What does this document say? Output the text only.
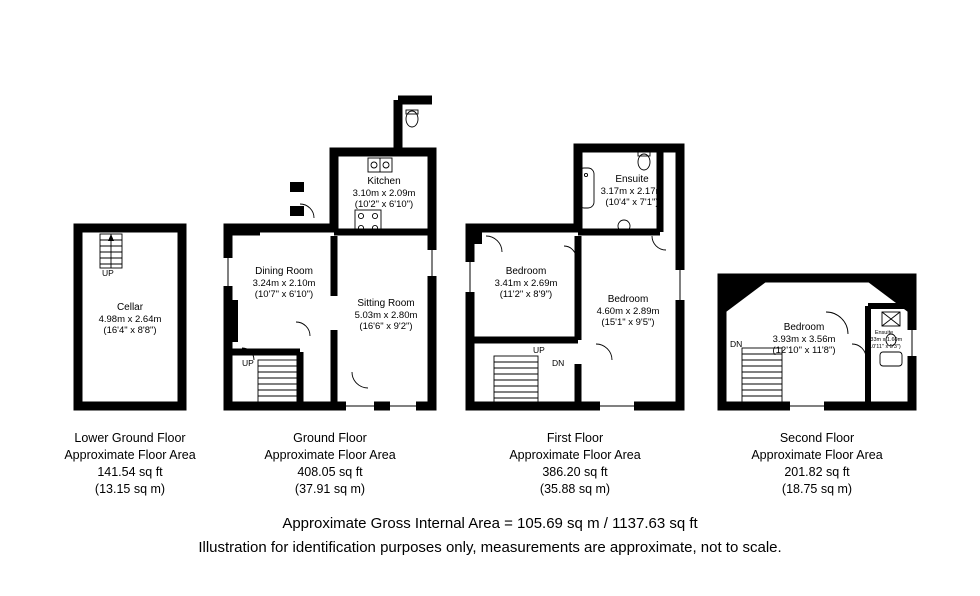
UP
Cellar
4.98m x 2.64m
(16'4" x 8'8")
Kitchen
3.10m x 2.09m
(10'2" x 6'10")
Dining Room
3.24m x 2.10m
(10'7" x 6'10")
Sitting Room
5.03m x 2.80m
(16'6" x 9'2")
UP
Ensuite
3.17m x 2.17m
(10'4" x 7'1")
Bedroom
3.41m x 2.69m
(11'2" x 8'9")	Bedroom
4.60m x 2.89m
(15'1" x 9'5")
UP
DN
Bedroom
3.93m x 3.56m
(12'10" x 11'8")
Ensuite
3.33m x 1.60m
(10'11" x 5'3")
DN
Lower Ground Floor
Approximate Floor Area
141.54 sq ft
(13.15 sq m)
Ground Floor
Approximate Floor Area
408.05 sq ft
(37.91 sq m)
First Floor
Approximate Floor Area
386.20 sq ft
(35.88 sq m)
Second Floor
Approximate Floor Area
201.82 sq ft
(18.75 sq m)
Approximate Gross Internal Area = 105.69 sq m / 1137.63 sq ft
Illustration for identification purposes only, measurements are approximate, not to scale.
